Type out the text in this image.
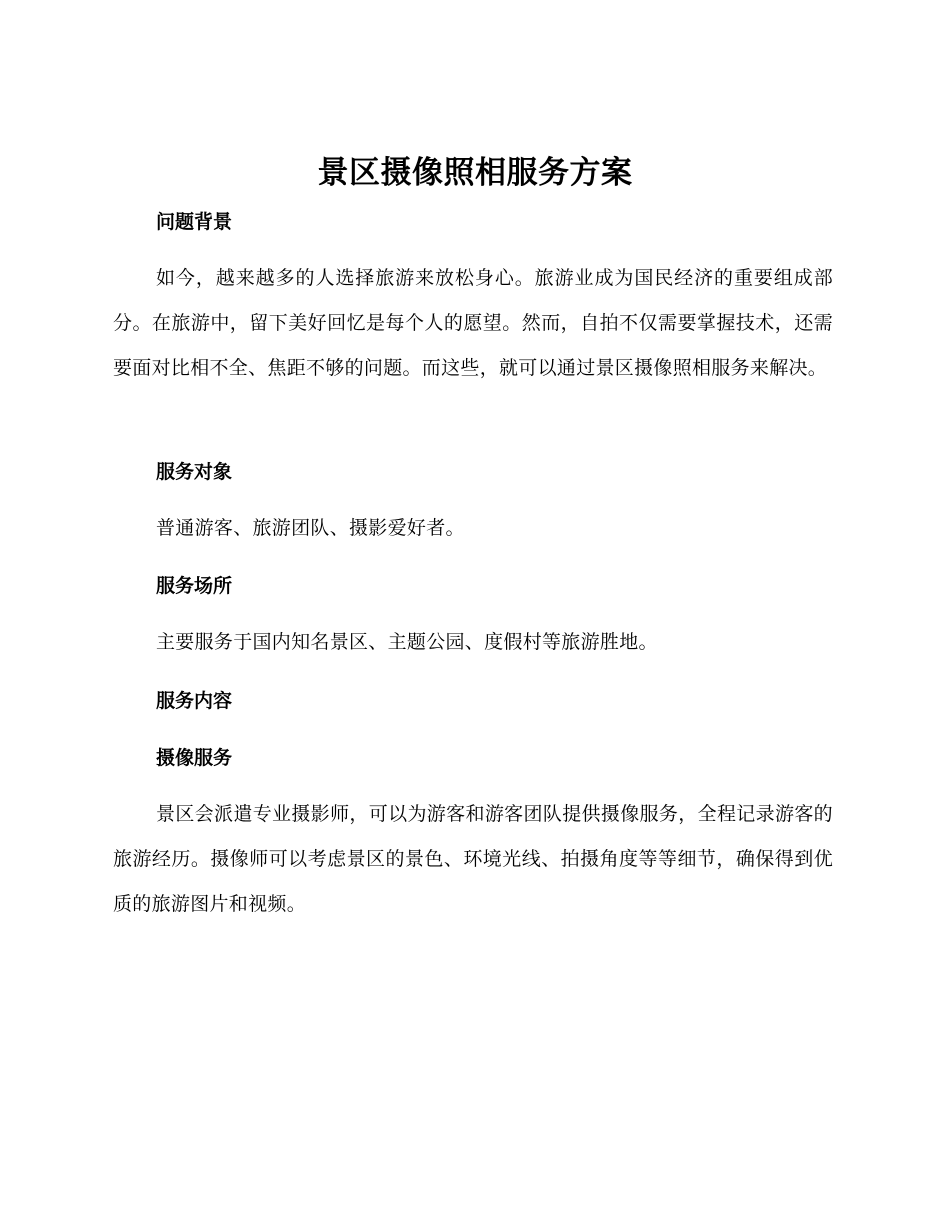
景区摄像照相服务方案
问题背景

如今，越来越多的人选择旅游来放松身心。旅游业成为国民经济的重要组成部分。在旅游中，留下美好回忆是每个人的愿望。然而，自拍不仅需要掌握技术，还需要面对比相不全、焦距不够的问题。而这些，就可以通过景区摄像照相服务来解决。

服务对象

普通游客、旅游团队、摄影爱好者。

服务场所

主要服务于国内知名景区、主题公园、度假村等旅游胜地。

服务内容
摄像服务

景区会派遣专业摄影师，可以为游客和游客团队提供摄像服务，全程记录游客的旅游经历。摄像师可以考虑景区的景色、环境光线、拍摄角度等等细节，确保得到优质的旅游图片和视频。
